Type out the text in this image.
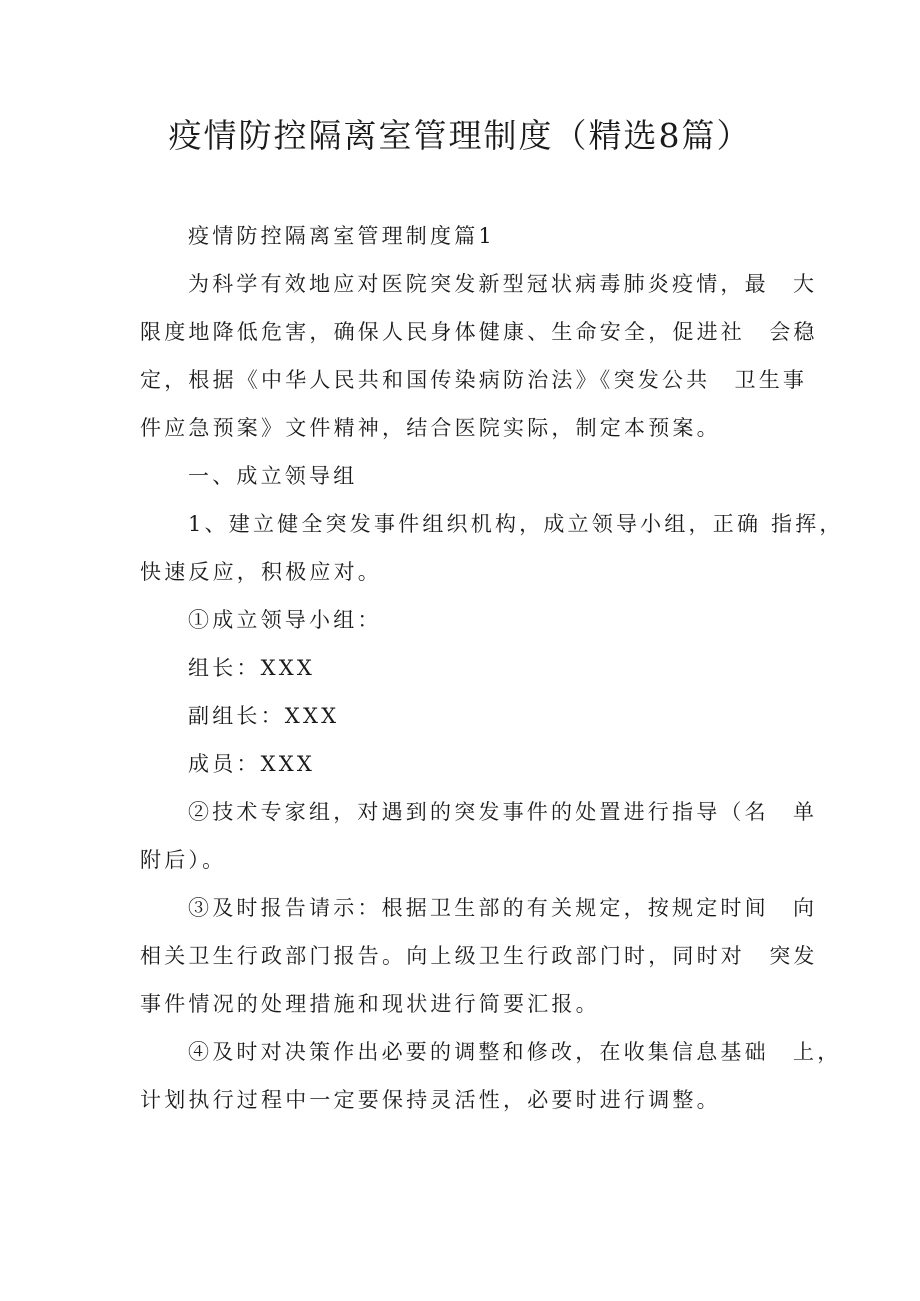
疫情防控隔离室管理制度（精选8篇）

疫情防控隔离室管理制度篇1

为科学有效地应对医院突发新型冠状病毒肺炎疫情，最　大

限度地降低危害，确保人民身体健康、生命安全，促进社　会稳

定，根据《中华人民共和国传染病防治法》《突发公共　卫生事

件应急预案》文件精神，结合医院实际，制定本预案。

一、成立领导组

1、建立健全突发事件组织机构，成立领导小组，正确 指挥，

快速反应，积极应对。

①成立领导小组：

组长：XXX

副组长：XXX

成员：XXX

②技术专家组，对遇到的突发事件的处置进行指导（名　单

附后）。

③及时报告请示：根据卫生部的有关规定，按规定时间　向

相关卫生行政部门报告。向上级卫生行政部门时，同时对　突发

事件情况的处理措施和现状进行简要汇报。

④及时对决策作出必要的调整和修改，在收集信息基础　上，

计划执行过程中一定要保持灵活性，必要时进行调整。
